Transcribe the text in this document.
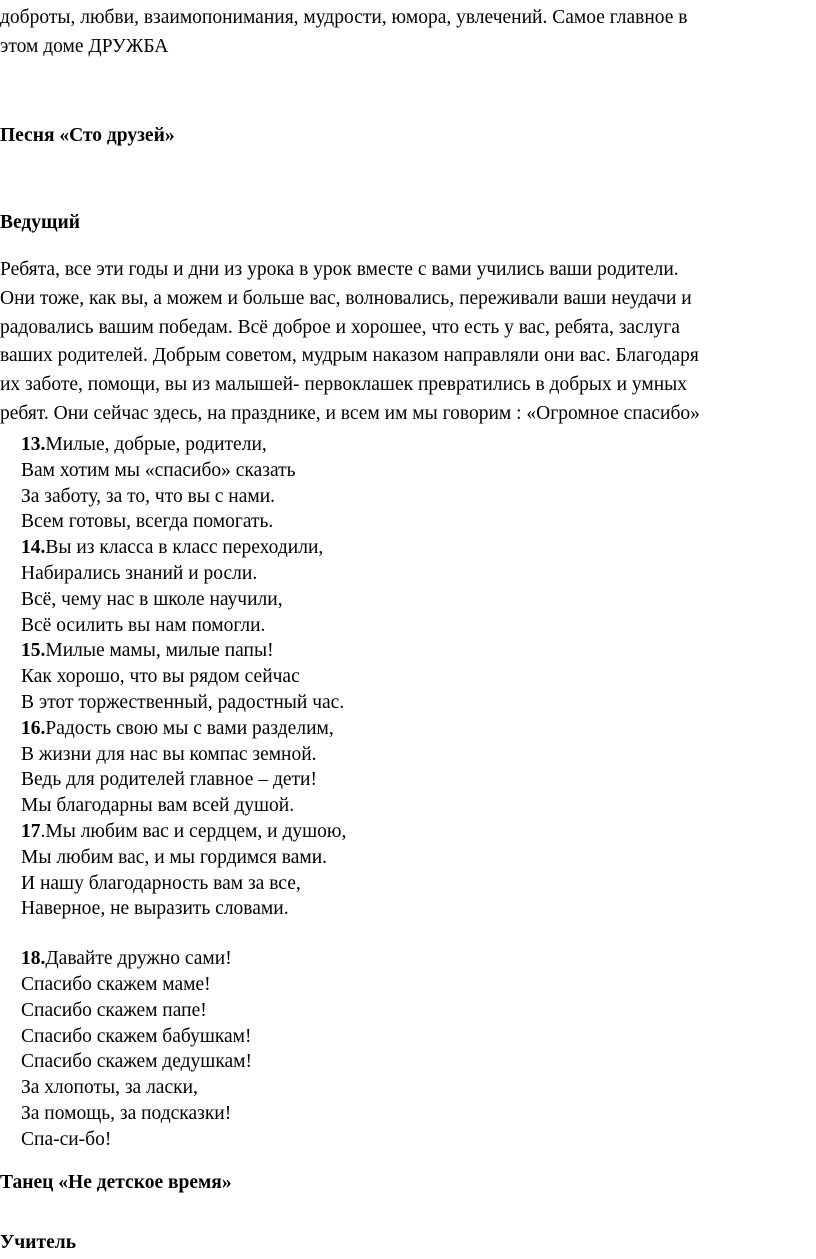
доброты, любви, взаимопонимания, мудрости, юмора, увлечений. Самое главное в
этом доме ДРУЖБА

Песня «Сто друзей»

Ведущий

Ребята, все эти годы и дни из урока в урок вместе с вами учились ваши родители.
Они тоже, как вы, а можем и больше вас, волновались, переживали ваши неудачи и
радовались вашим победам. Всё доброе и хорошее, что есть у вас, ребята, заслуга
ваших родителей. Добрым советом, мудрым наказом направляли они вас. Благодаря
их заботе, помощи, вы из малышей- первоклашек превратились в добрых и умных
ребят. Они сейчас здесь, на празднике, и всем им мы говорим : «Огромное спасибо»

13.Милые, добрые, родители,
Вам хотим мы «спасибо» сказать
За заботу, за то, что вы с нами.
Всем готовы, всегда помогать.
14.Вы из класса в класс переходили,
Набирались знаний и росли.
Всё, чему нас в школе научили,
Всё осилить вы нам помогли.
15.Милые мамы, милые папы!
Как хорошо, что вы рядом сейчас
В этот торжественный, радостный час.
16.Радость свою мы с вами разделим,
В жизни для нас вы компас земной.
Ведь для родителей главное – дети!
Мы благодарны вам всей душой.
17.Мы любим вас и сердцем, и душою,
Мы любим вас, и мы гордимся вами.
И нашу благодарность вам за все,
Наверное, не выразить словами.
18.Давайте дружно сами!
Спасибо скажем маме!
Спасибо скажем папе!
Спасибо скажем бабушкам!
Спасибо скажем дедушкам!
За хлопоты, за ласки,
За помощь, за подсказки!
Спа-си-бо!

Танец «Не детское время»

Учитель
